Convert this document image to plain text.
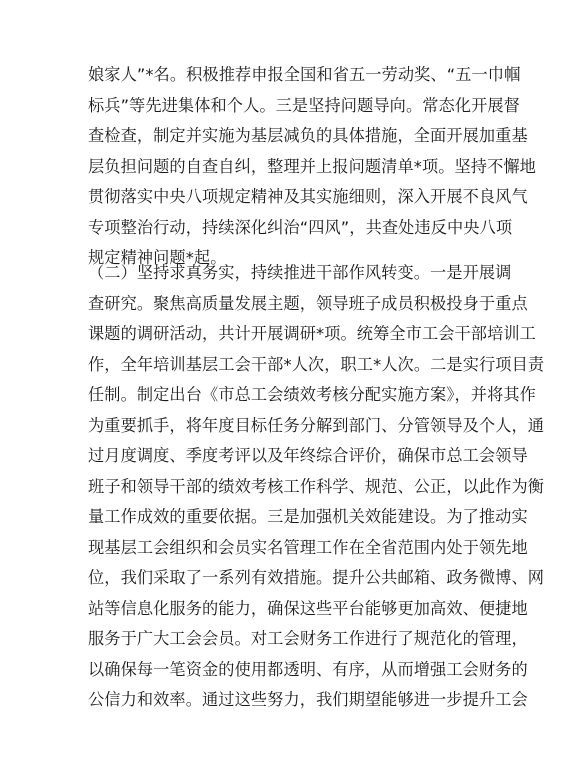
娘家人”*名。积极推荐申报全国和省五一劳动奖、“五一巾帼
标兵”等先进集体和个人。三是坚持问题导向。常态化开展督
查检查，制定并实施为基层减负的具体措施，全面开展加重基
层负担问题的自查自纠，整理并上报问题清单*项。坚持不懈地
贯彻落实中央八项规定精神及其实施细则，深入开展不良风气
专项整治行动，持续深化纠治“四风”，共查处违反中央八项
规定精神问题*起。
（二）坚持求真务实，持续推进干部作风转变。一是开展调
查研究。聚焦高质量发展主题，领导班子成员积极投身于重点
课题的调研活动，共计开展调研*项。统筹全市工会干部培训工
作，全年培训基层工会干部*人次，职工*人次。二是实行项目责
任制。制定出台《市总工会绩效考核分配实施方案》，并将其作
为重要抓手，将年度目标任务分解到部门、分管领导及个人，通
过月度调度、季度考评以及年终综合评价，确保市总工会领导
班子和领导干部的绩效考核工作科学、规范、公正，以此作为衡
量工作成效的重要依据。三是加强机关效能建设。为了推动实
现基层工会组织和会员实名管理工作在全省范围内处于领先地
位，我们采取了一系列有效措施。提升公共邮箱、政务微博、网
站等信息化服务的能力，确保这些平台能够更加高效、便捷地
服务于广大工会会员。对工会财务工作进行了规范化的管理，
以确保每一笔资金的使用都透明、有序，从而增强工会财务的
公信力和效率。通过这些努力，我们期望能够进一步提升工会
